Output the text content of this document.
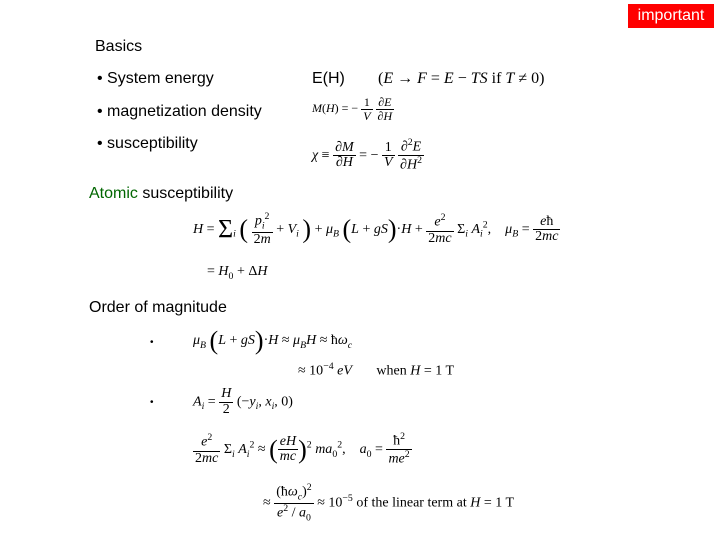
important
Basics
• System energy	E(H) (E → F = E − TS if T ≠ 0)
• magnetization density	M(H) = − $\frac{1}{V}$
$\frac{\partial E}{\partial H}$
• susceptibility
$\chi \equiv \frac{\partial M}{\partial H}$ = − $\frac{1}{V}$
$\frac{\partial^2E}{\partial H^2}$
Atomic susceptibility
$H = \Sigma_i$ ( $\frac{p_i^2}{2m} + V_i$ ) + $\mu_B$ $(L + gS)\cdot H + \frac{e^2}{2mc} \Sigma_i$ $A_i^2$,    $\mu_B = \frac{eħ}{2mc}$
= $H_0 + \Delta H$
Order of magnitude
•	$\mu_B$ $(L + gS)\cdot H \approx \mu_BH$ ≈ $ħ\omega_c$
≈ $10^{-4}$ eV when H = 1 T
•	$A_i = \frac{H}{2} (-y_i$, $x_i$, 0)
$\frac{e^2}{2mc} \Sigma_i$ $A_i^2$ ≈ ( $\frac{eH}{mc} )^2$ $ma_0^2$,    $a_0 = \frac{ħ^2}{me^2}$
≈ $\frac{(ħ\omega_c)^2}{e^2 / a_0} \approx 10^{-5}$ of the linear term at H = 1 T
